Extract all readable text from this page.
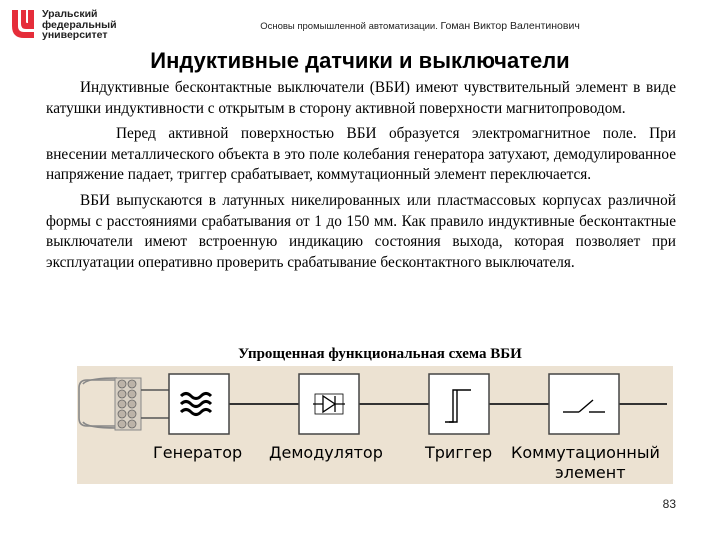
Уральский
федеральный
университет
Основы промышленной автоматизации. Гоман Виктор Валентинович
Индуктивные датчики и выключатели

Индуктивные бесконтактные выключатели (ВБИ) имеют чувствительный элемент в виде катушки индуктивности с открытым в сторону активной поверхности магнитопроводом.

Перед активной поверхностью ВБИ образуется электромагнитное поле. При внесении металлического объекта в это поле колебания генератора затухают, демодулированное напряжение падает, триггер срабатывает, коммутационный элемент переключается.

ВБИ выпускаются в латунных никелированных или пластмассовых корпусах различной формы с расстояниями срабатывания от 1 до 150 мм. Как правило индуктивные бесконтактные выключатели имеют встроенную индикацию состояния выхода, которая позволяет при эксплуатации оперативно проверить срабатывание бесконтактного выключателя.

Упрощенная функциональная схема ВБИ
Генератор Демодулятор	Триггер Коммутационный
элемент
83
